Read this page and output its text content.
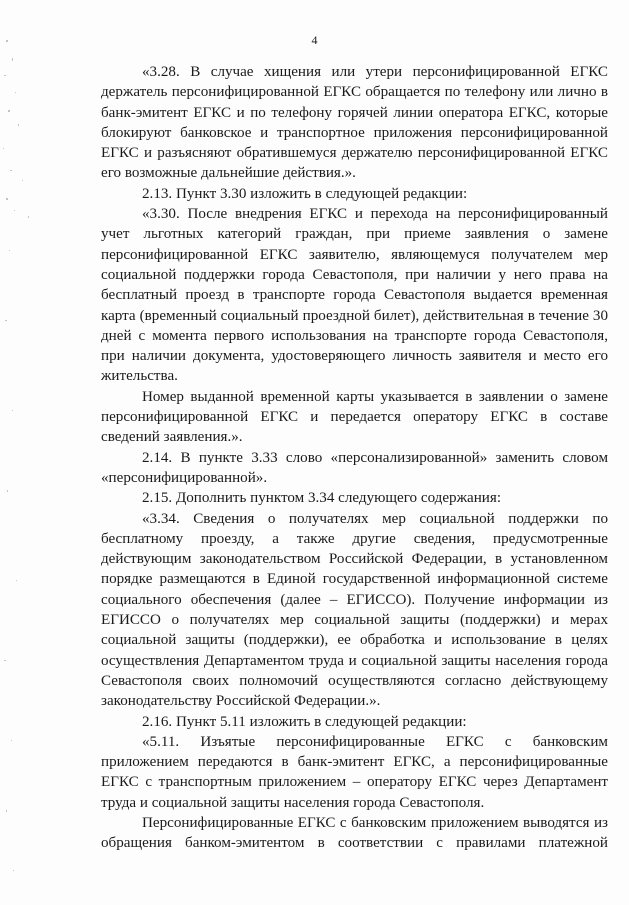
4

«3.28. В случае хищения или утери персонифицированной ЕГКС держатель персонифицированной ЕГКС обращается по телефону или лично в банк-эмитент ЕГКС и по телефону горячей линии оператора ЕГКС, которые блокируют банковское и транспортное приложения персонифицированной ЕГКС и разъясняют обратившемуся держателю персонифицированной ЕГКС его возможные дальнейшие действия.».

2.13. Пункт 3.30 изложить в следующей редакции:

«3.30. После внедрения ЕГКС и перехода на персонифицированный учет льготных категорий граждан, при приеме заявления о замене персонифицированной ЕГКС заявителю, являющемуся получателем мер социальной поддержки города Севастополя, при наличии у него права на бесплатный проезд в транспорте города Севастополя выдается временная карта (временный социальный проездной билет), действительная в течение 30 дней с момента первого использования на транспорте города Севастополя, при наличии документа, удостоверяющего личность заявителя и место его жительства.

Номер выданной временной карты указывается в заявлении о замене персонифицированной ЕГКС и передается оператору ЕГКС в составе сведений заявления.».

2.14. В пункте 3.33 слово «персонализированной» заменить словом «персонифицированной».

2.15. Дополнить пунктом 3.34 следующего содержания:

«3.34. Сведения о получателях мер социальной поддержки по бесплатному проезду, а также другие сведения, предусмотренные действующим законодательством Российской Федерации, в установленном порядке размещаются в Единой государственной информационной системе социального обеспечения (далее – ЕГИССО). Получение информации из ЕГИССО о получателях мер социальной защиты (поддержки) и мерах социальной защиты (поддержки), ее обработка и использование в целях осуществления Департаментом труда и социальной защиты населения города Севастополя своих полномочий осуществляются согласно действующему законодательству Российской Федерации.».

2.16. Пункт 5.11 изложить в следующей редакции:

«5.11. Изъятые персонифицированные ЕГКС с банковским приложением передаются в банк-эмитент ЕГКС, а персонифицированные ЕГКС с транспортным приложением – оператору ЕГКС через Департамент труда и социальной защиты населения города Севастополя.

Персонифицированные ЕГКС с банковским приложением выводятся из обращения банком-эмитентом в соответствии с правилами платежной
